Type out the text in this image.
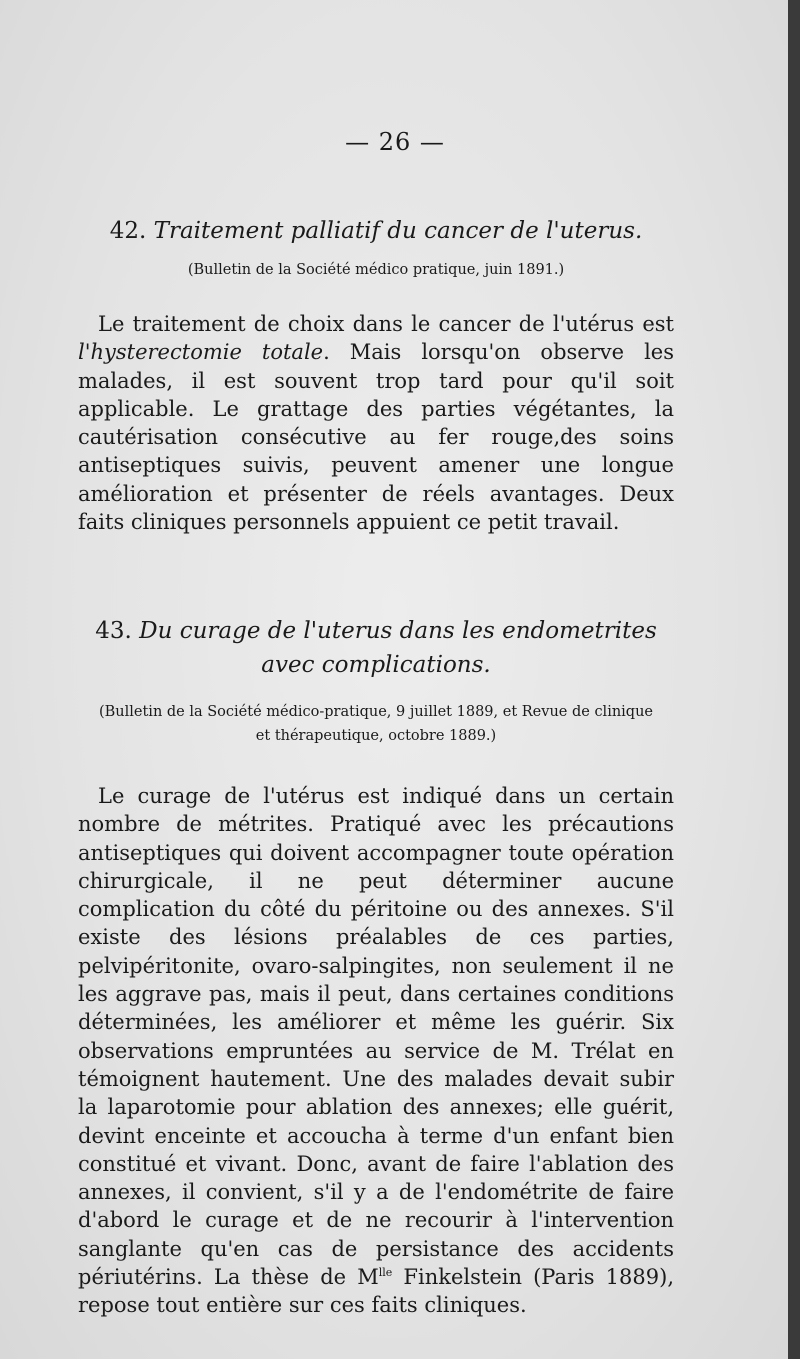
— 26 —
42. Traitement palliatif du cancer de l'uterus.
(Bulletin de la Société médico pratique, juin 1891.)

Le traitement de choix dans le cancer de l'utérus est l'hysterectomie totale. Mais lorsqu'on observe les malades, il est souvent trop tard pour qu'il soit applicable. Le grattage des parties végétantes, la cautérisation consécutive au fer rouge,des soins antiseptiques suivis, peuvent amener une longue amélioration et présenter de réels avantages. Deux faits cliniques personnels appuient ce petit travail.

43. Du curage de l'uterus dans les endometrites
avec complications.
(Bulletin de la Société médico-pratique, 9 juillet 1889, et Revue de clinique
et thérapeutique, octobre 1889.)

Le curage de l'utérus est indiqué dans un certain nombre de métrites. Pratiqué avec les précautions antiseptiques qui doivent accompagner toute opération chirurgicale, il ne peut déterminer aucune complication du côté du péritoine ou des annexes. S'il existe des lésions préalables de ces parties, pelvipéritonite, ovaro-salpingites, non seulement il ne les aggrave pas, mais il peut, dans certaines conditions déterminées, les améliorer et même les guérir. Six observations empruntées au service de M. Trélat en témoignent hautement. Une des malades devait subir la laparotomie pour ablation des annexes; elle guérit, devint enceinte et accoucha à terme d'un enfant bien constitué et vivant. Donc, avant de faire l'ablation des annexes, il convient, s'il y a de l'endométrite de faire d'abord le curage et de ne recourir à l'intervention sanglante qu'en cas de persistance des accidents périutérins. La thèse de $M^{lle}$ Finkelstein (Paris 1889), repose tout entière sur ces faits cliniques.
